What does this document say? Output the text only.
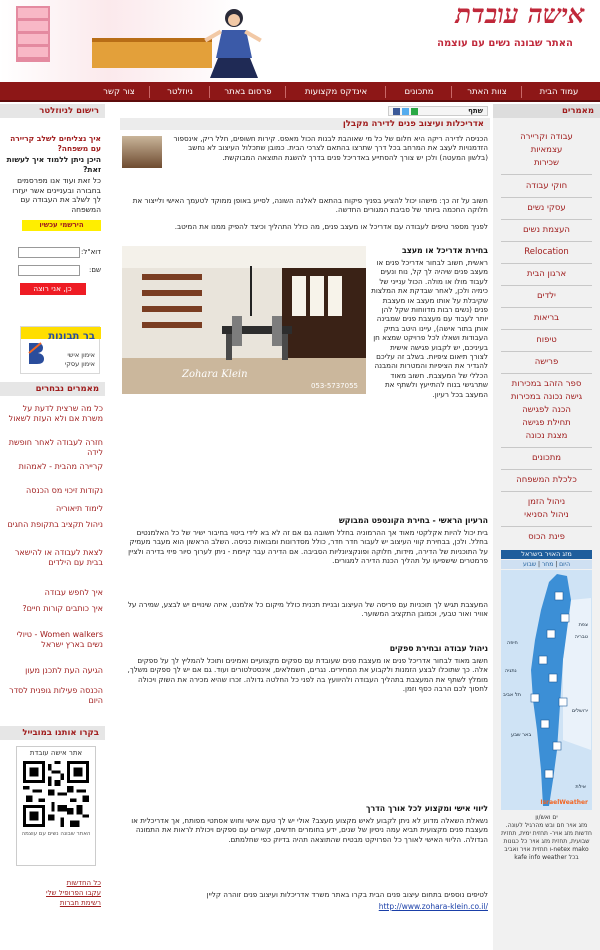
אישה עובדת
האתר שבונה נשים עם עוצמה
עמוד הבית
צוות האתר
מתכונים
אינדקס מקצועות
פרסום באתר
ניוזלטר
צור קשר
מאמרים
עבודה וקריירה
עצמאיות
שכירות
חוקי עבודה
עסקי נשים
העצמת נשים
Relocation
ארגון הבית
ילדים
בריאות
טיפוח
פרישה
ספר הזהב במכירות
גישה נכונה במכירות
הכנה לפגישה
תחילת פגישה
מצגת נכונה
מתכונים
כלכלת המשפחה
ניהול הזמן
ניהול הסניאי
פינת הכוס
מזג האויר בישראל
היום | מחר | שבוע
צפת
טבריה
חיפה
נתניה
תל אביב
ירושלים
באר שבע
אילת
IsraelWeather
ים ואש/ון
מזג אויר חם ובש מהרגיל לעונה.
חדשות מזג אויר- תחזית ימית, תחזית שבועית, תחזית מזג אויר כל כגונות netex mako-ו תחזית אויר ואביב בכל kafe info weather
רישום לניוזלטר

איך נצליחים לשלב קריירה עם משפחה?

היכן ניתן ללמוד איך לעשות זאת?

כל זאת ועוד אנו מפרסמים בחבורה ובעניינים אשר יעזרו לך לשלב את העבודה עם המשפחה

הירשמי עכשיו
דוא"ל:
שם:
כן, אני רוצה להירשם
בר תבונות
אימון אישי
אימון עסקי
מאמרים נבחרים
כל מה שרצית לדעת על משרת אם ולא העזת לשאול
חזרה לעבודה לאחר חופשת לידה
קריירה מהבית - לאמהות
נקודות זיכוי מס הכנסה
לימוד תיאוריה
ניהול תקציב בתקופת החגים
לצאת לעבודה או להישאר בבית עם הילדים
איך לחפש עבודה
איך כותבים קורות חיים?
Women walkers - טיולי נשים בארץ ישראל
הגיעה העת לתכנן מעון
הכנסה פעילות גופנית לסדר היום
בקרו אותנו במובייל
אתר אישה עובדת
האתר שבונה נשים עם עוצמה
כל החדשות
עקבו הפרופיל שלי
רשימת חברות
שתף
אדריכלות ועיצוב פנים לדירה מקבלן

הכניסה לדירה ריקה היא חלום של כל מי שאוהבת לבנות הכול מאפס. קירות חשופים, חלל ריק, אינספור הזדמנויות לעצב את המרחב בכל דרך שתרצו בהתאם לצרכי הבית. כמובן שתכלול העיצוב לא נחשב (בלשון המעטה) ולכן יש צורך להסתייע באדריכל פנים בדרך להשגת התוצאה המבוקשת.

חשוב על זה כך: מישהו יכול להציע בפניך פיקוח בהתאם לאלנה השונה, לסייע באופן ממוקד לטעמך האישי ולייצור את חלוקה החכמה ביותר של סביבת המגורים החדשה.

לפניך מספר טיפים לעבודה עם אדריכל או מעצב פנים, מה כולל התהליך וכיצד להפיק ממנו את המיטב.

Zohara Klein
053-5737055
בחירת אדריכל או מעצב

ראשית, חשוב לבחור אדריכל פנים או מעצב פנים שיהיה לך קל, נוח ונעים לעבוד מולו או מולה. הכול ענייני של כימיה ולכן, לאחר שבדקת את המלצות שקיבלת על אותו מעצב או מעצבת פנים (נשים רבות מדווחות שקל להן יותר לעבוד עם מעצבת פנים שמבינה אותן בתור אישה), עיינו היטב בתיק העבודות ושאלו לכל פרויקט שמצא חן בעיניכם, יש לקבוע פגישה אישית לצורך תיאום ציפיות. בשלב זה עליכם להגדיר את הציפיות והמטרות והמבנה הכללי של המעצבת. חשוב מאוד שתרגישי בנוח להתייעץ ולשתף את המעצב בכל רעיון.

הרעיון הראשי - בחירת הקונספט המבוקש

בית יכול להיות אקלקטי מאוד אך ההרמוניה בחלל חשובה גם אם זה לא בא לידי ביטוי בחיבור ישיר של כל האלמנטים בחלל. ולכן, בבחירת קווי העיצוב יש לעבור חדר חדר, כולל מסדרונות ומבואות כניסה. השלב הראשון הוא מעבר מעמיק על התוכניות של הדירה, מידות, חלוקה ופונקציונליות הסביבה. אם הדירה עבר קיימת - ניתן לערוך סיור פיזי בדירה ולציין פרמטרים שישפיעו על תהליך הכנת הדירה למגורים.

המעצבת תגיש לך תוכניות עם פריסה של העיצוב ובניית תכנית כולל מיקום כל אלמנט, איזה שינויים יש לבצע, שמירה על אוויר ואור טבעי, וכמובן התקציב המשוער.

ניהול עבודה ובחירת ספקים

חשוב מאוד לבחור אדריכל פנים או מעצבת פנים שעובדת עם ספקים מקצועיים ואמינים ותוכל להמליץ לך על ספקים אלה. כך שתוכלו לבצע הזמנות ולקבוע את המחירים. נגרים, חשמלאים, אינסטלטורים ועוד. גם אם יש לך ספקים משלך, מומלץ לשתף את המעצבת בתהליך העבודה ולהיוועץ בה לפני כל החלטה גדולה. זכרו שהיא מכירה את השוק ויכולה לחסוך לכם הרבה כסף וזמן.

ליווי אישי ומקצוע לכל אורך הדרך

נשאלת השאלה מדוע לא ניתן לקבוע לאיש מקצוע מעצב? אולי יש לך טעם אישי וחוש אסתטי מפותח, אך אדריכלית או מעצבת פנים מקצועית תביא עמה ניסיון של שנים, ידע בחומרים חדשים, קשרים עם ספקים ויכולת לראות את התמונה הגדולה. הליווי האישי לאורך כל הפרויקט מבטיח שהתוצאה תהיה בדיוק כפי שחלמתם.

לטיפים נוספים בתחום עיצוב פנים הבית בקרו באתר משרד אדריכלות ועיצוב פנים זוהרה קליין

http://www.zohara-klein.co.il/
